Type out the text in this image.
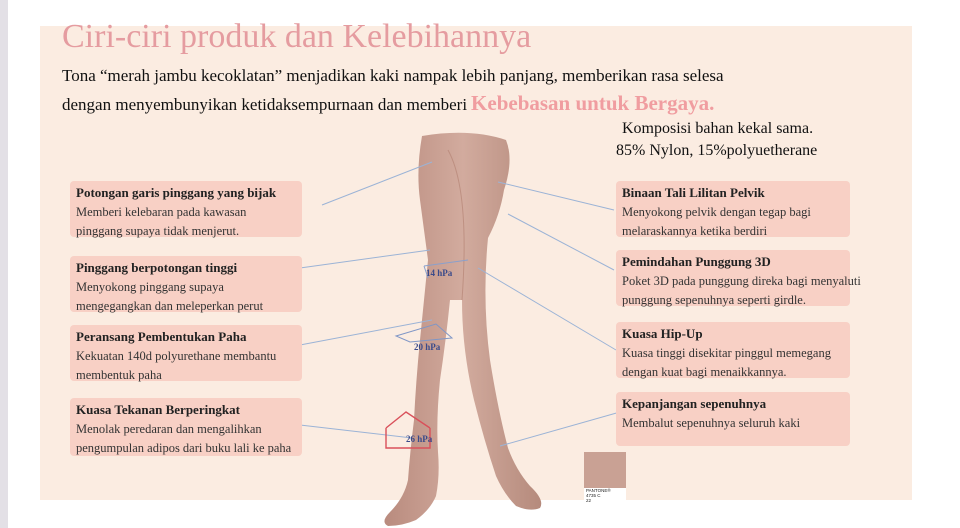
Ciri-ciri produk dan Kelebihannya
Tona “merah jambu kecoklatan” menjadikan kaki nampak lebih panjang, memberikan rasa selesa
dengan menyembunyikan ketidaksempurnaan dan memberi Kebebasan untuk Bergaya.
Komposisi bahan kekal sama.
85% Nylon, 15%polyuetherane
Potongan garis pinggang yang bijak
Memberi kelebaran pada kawasan
pinggang supaya tidak menjerut.
Pinggang berpotongan tinggi
Menyokong pinggang supaya
mengegangkan dan meleperkan perut
Peransang Pembentukan Paha
Kekuatan 140d polyurethane membantu
membentuk paha
Kuasa Tekanan Berperingkat
Menolak peredaran dan mengalihkan
pengumpulan adipos dari buku lali ke paha
Binaan Tali Lilitan Pelvik
Menyokong pelvik dengan tegap bagi
melaraskannya ketika berdiri
Pemindahan Punggung 3D
Poket 3D pada punggung direka bagi menyaluti
punggung sepenuhnya seperti girdle.
Kuasa Hip-Up
Kuasa tinggi disekitar pinggul memegang
dengan kuat bagi menaikkannya.
Kepanjangan sepenuhnya
Membalut sepenuhnya seluruh kaki
14 hPa
20 hPa
26 hPa
PANTONE®
4735 C
22
